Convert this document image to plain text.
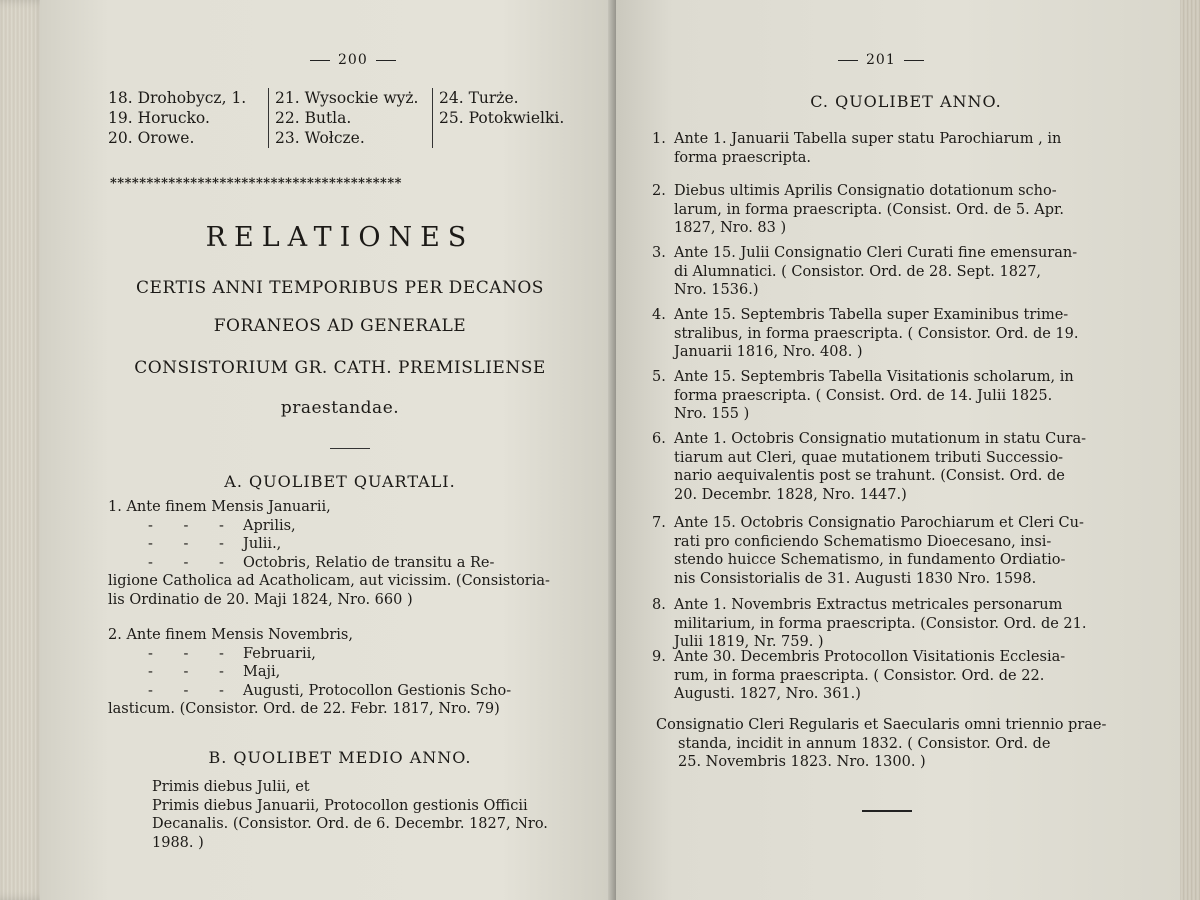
200
18. Drohobycz, 1.
19. Horucko.
20. Orowe.
21. Wysockie wyż.
22. Butla.
23. Wołcze.
24. Turże.
25. Potokwielki.
****************************************
RELATIONES
CERTIS ANNI TEMPORIBUS PER DECANOS
FORANEOS AD GENERALE
CONSISTORIUM GR. CATH. PREMISLIENSE
praestandae.
A. QUOLIBET QUARTALI.

1. Ante finem Mensis Januarii,

- - - Aprilis,

- - - Julii.,

- - - Octobris, Relatio de transitu a Re-

ligione Catholica ad Acatholicam, aut vicissim. (Consistoria-

lis Ordinatio de 20. Maji 1824, Nro. 660 )

2. Ante finem Mensis Novembris,

- - - Februarii,

- - - Maji,

- - - Augusti, Protocollon Gestionis Scho-

lasticum. (Consistor. Ord. de 22. Febr. 1817, Nro. 79)

B. QUOLIBET MEDIO ANNO.

Primis diebus Julii, et

Primis diebus Januarii, Protocollon gestionis Officii

Decanalis. (Consistor. Ord. de 6. Decembr. 1827, Nro.

1988. )

201
C. QUOLIBET ANNO.
1. Ante 1. Januarii Tabella super statu Parochiarum , in
forma praescripta.
2. Diebus ultimis Aprilis Consignatio dotationum scho-
larum, in forma praescripta. (Consist. Ord. de 5. Apr.
1827, Nro. 83 )
3. Ante 15. Julii Consignatio Cleri Curati fine emensuran-
di Alumnatici. ( Consistor. Ord. de 28. Sept. 1827,
Nro. 1536.)
4. Ante 15. Septembris Tabella super Examinibus trime-
stralibus, in forma praescripta. ( Consistor. Ord. de 19.
Januarii 1816, Nro. 408. )
5. Ante 15. Septembris Tabella Visitationis scholarum, in
forma praescripta. ( Consist. Ord. de 14. Julii 1825.
Nro. 155 )
6. Ante 1. Octobris Consignatio mutationum in statu Cura-
tiarum aut Cleri, quae mutationem tributi Successio-
nario aequivalentis post se trahunt. (Consist. Ord. de
20. Decembr. 1828, Nro. 1447.)
7. Ante 15. Octobris Consignatio Parochiarum et Cleri Cu-
rati pro conficiendo Schematismo Dioecesano, insi-
stendo huicce Schematismo, in fundamento Ordiatio-
nis Consistorialis de 31. Augusti 1830 Nro. 1598.
8. Ante 1. Novembris Extractus metricales personarum
militarium, in forma praescripta. (Consistor. Ord. de 21.
Julii 1819, Nr. 759. )
9. Ante 30. Decembris Protocollon Visitationis Ecclesia-
rum, in forma praescripta. ( Consistor. Ord. de 22.
Augusti. 1827, Nro. 361.)
Consignatio Cleri Regularis et Saecularis omni triennio prae-
standa, incidit in annum 1832. ( Consistor. Ord. de
25. Novembris 1823. Nro. 1300. )
